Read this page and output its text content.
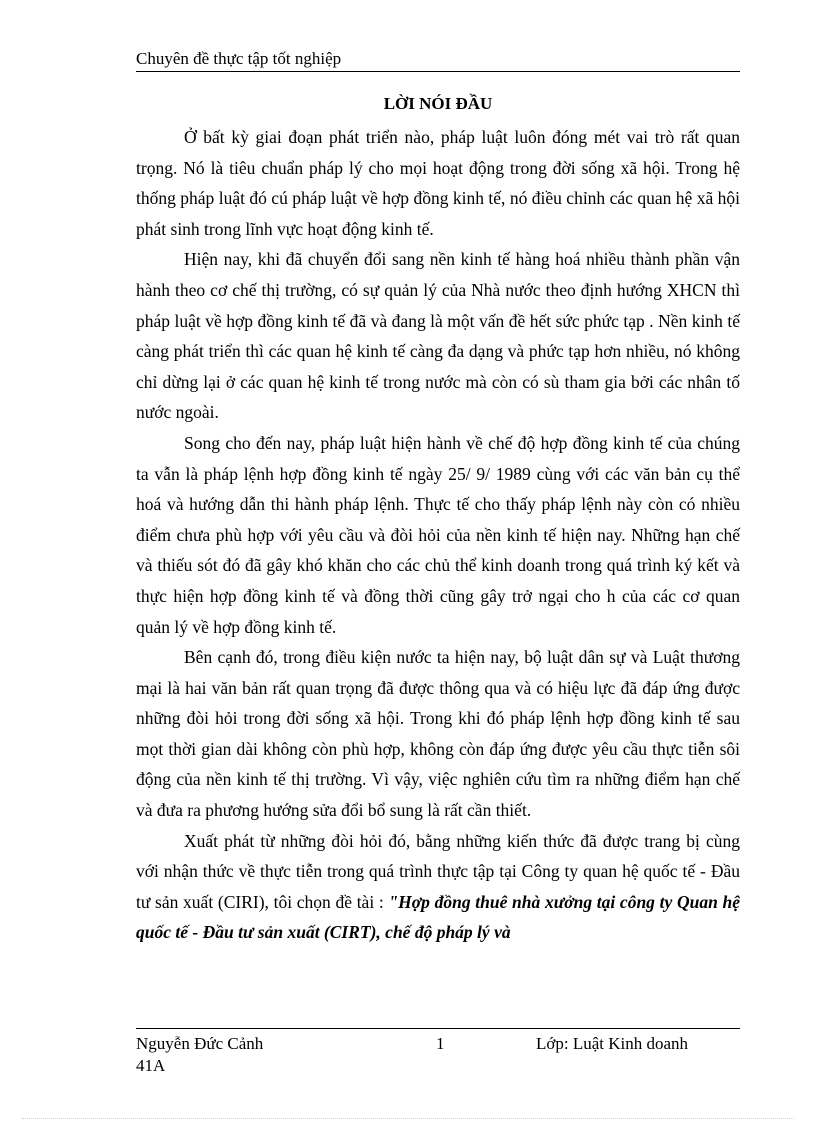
Chuyên đề thực tập tốt nghiệp
LỜI NÓI ĐẦU

Ở bất kỳ giai đoạn phát triển nào, pháp luật luôn đóng mét vai trò rất quan trọng. Nó là tiêu chuẩn pháp lý cho mọi hoạt động trong đời sống xã hội. Trong hệ thống pháp luật đó cú pháp luật về hợp đồng kinh tế, nó điều chỉnh các quan hệ xã hội phát sinh trong lĩnh vực hoạt động kinh tế.

Hiện nay, khi đã chuyển đổi sang nền kinh tế hàng hoá nhiều thành phần vận hành theo cơ chế thị trường, có sự quản lý của Nhà nước theo định hướng XHCN thì pháp luật về hợp đồng kinh tế đã và đang là một vấn đề hết sức phức tạp . Nền kinh tế càng phát triển thì các quan hệ kinh tế càng đa dạng và phức tạp hơn nhiều, nó không chỉ dừng lại ở các quan hệ kinh tế trong nước mà còn có sù tham gia bởi các nhân tố nước ngoài.

Song cho đến nay, pháp luật hiện hành về chế độ hợp đồng kinh tế của chúng ta vẫn là pháp lệnh hợp đồng kinh tế ngày 25/ 9/ 1989 cùng với các văn bản cụ thể hoá và hướng dẫn thi hành pháp lệnh. Thực tế cho thấy pháp lệnh này còn có nhiều điểm chưa phù hợp với yêu cầu và đòi hỏi của nền kinh tế hiện nay. Những hạn chế và thiếu sót đó đã gây khó khăn cho các chủ thể kinh doanh trong quá trình ký kết và thực hiện hợp đồng kinh tế và đồng thời cũng gây trở ngại cho h của các cơ quan quản lý về hợp đồng kinh tế.

Bên cạnh đó, trong điều kiện nước ta hiện nay, bộ luật dân sự và Luật thương mại là hai văn bản rất quan trọng đã được thông qua và có hiệu lực đã đáp ứng được những đòi hỏi trong đời sống xã hội. Trong khi đó pháp lệnh hợp đồng kinh tế sau mọt thời gian dài không còn phù hợp, không còn đáp ứng được yêu cầu thực tiễn sôi động của nền kinh tế thị trường. Vì vậy, việc nghiên cứu tìm ra những điểm hạn chế và đưa ra phương hướng sửa đổi bổ sung là rất cần thiết.

Xuất phát từ những đòi hỏi đó, bằng những kiến thức đã được trang bị cùng với nhận thức về thực tiễn trong quá trình thực tập tại Công ty quan hệ quốc tế - Đầu tư sản xuất (CIRI), tôi chọn đề tài : "Hợp đồng thuê nhà xưởng tại công ty Quan hệ quốc tế - Đầu tư sản xuất (CIRT), chế độ pháp lý và

Nguyễn Đức Cảnh 41A
1	Lớp: Luật Kinh doanh
